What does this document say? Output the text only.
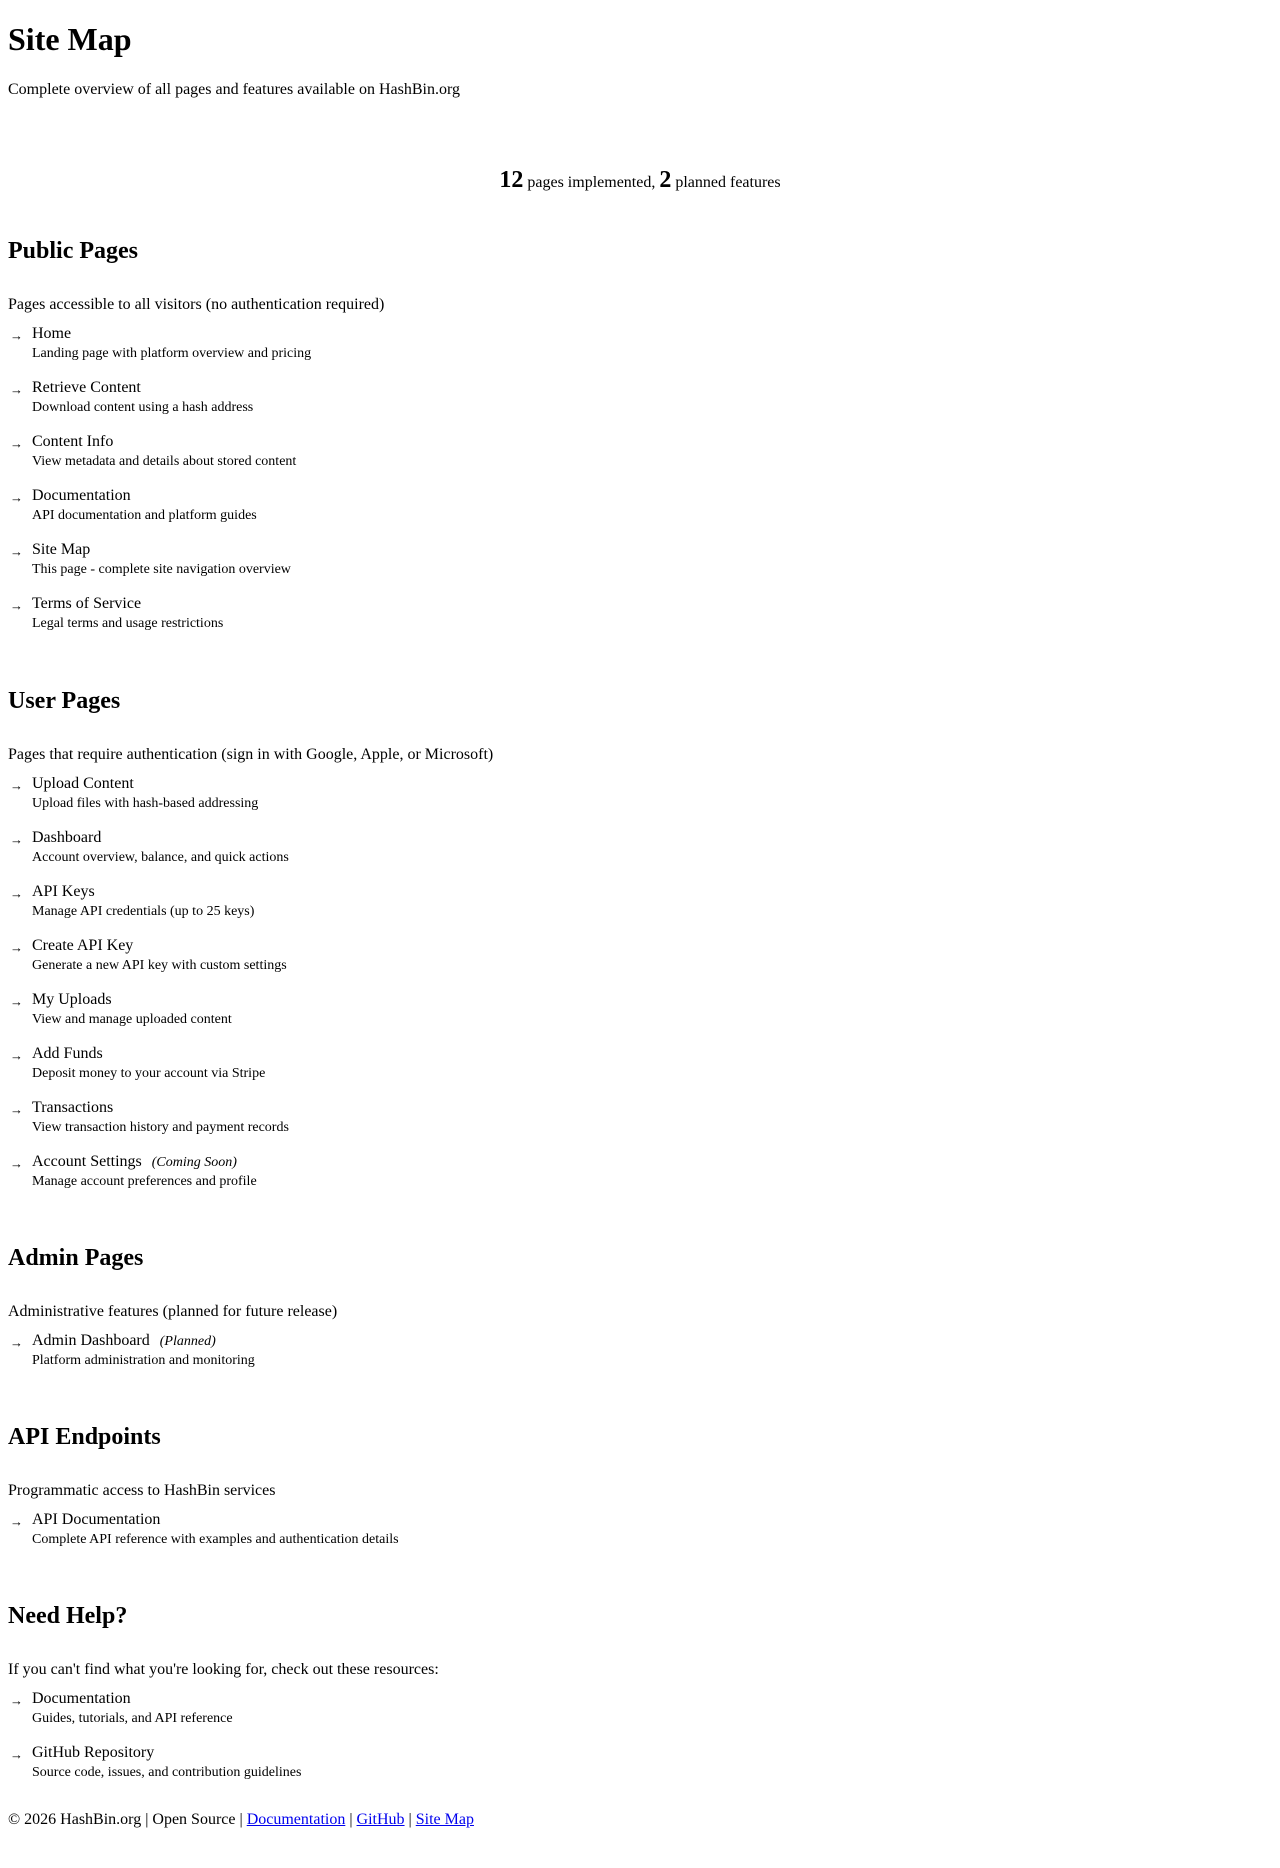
Site Map

Complete overview of all pages and features available on HashBin.org

12 pages implemented, 2 planned features

Public Pages

Pages accessible to all visitors (no authentication required)

→ Home
Landing page with platform overview and pricing
→ Retrieve Content
Download content using a hash address
→ Content Info
View metadata and details about stored content
→ Documentation
API documentation and platform guides
→ Site Map
This page - complete site navigation overview
→ Terms of Service
Legal terms and usage restrictions
User Pages

Pages that require authentication (sign in with Google, Apple, or Microsoft)

→ Upload Content
Upload files with hash-based addressing
→ Dashboard
Account overview, balance, and quick actions
→ API Keys
Manage API credentials (up to 25 keys)
→ Create API Key
Generate a new API key with custom settings
→ My Uploads
View and manage uploaded content
→ Add Funds
Deposit money to your account via Stripe
→ Transactions
View transaction history and payment records
→ Account Settings (Coming Soon)
Manage account preferences and profile
Admin Pages

Administrative features (planned for future release)

→ Admin Dashboard (Planned)
Platform administration and monitoring
API Endpoints

Programmatic access to HashBin services

→ API Documentation
Complete API reference with examples and authentication details
Need Help?

If you can't find what you're looking for, check out these resources:

→ Documentation
Guides, tutorials, and API reference
→ GitHub Repository
Source code, issues, and contribution guidelines
© 2026 HashBin.org | Open Source | Documentation | GitHub | Site Map
